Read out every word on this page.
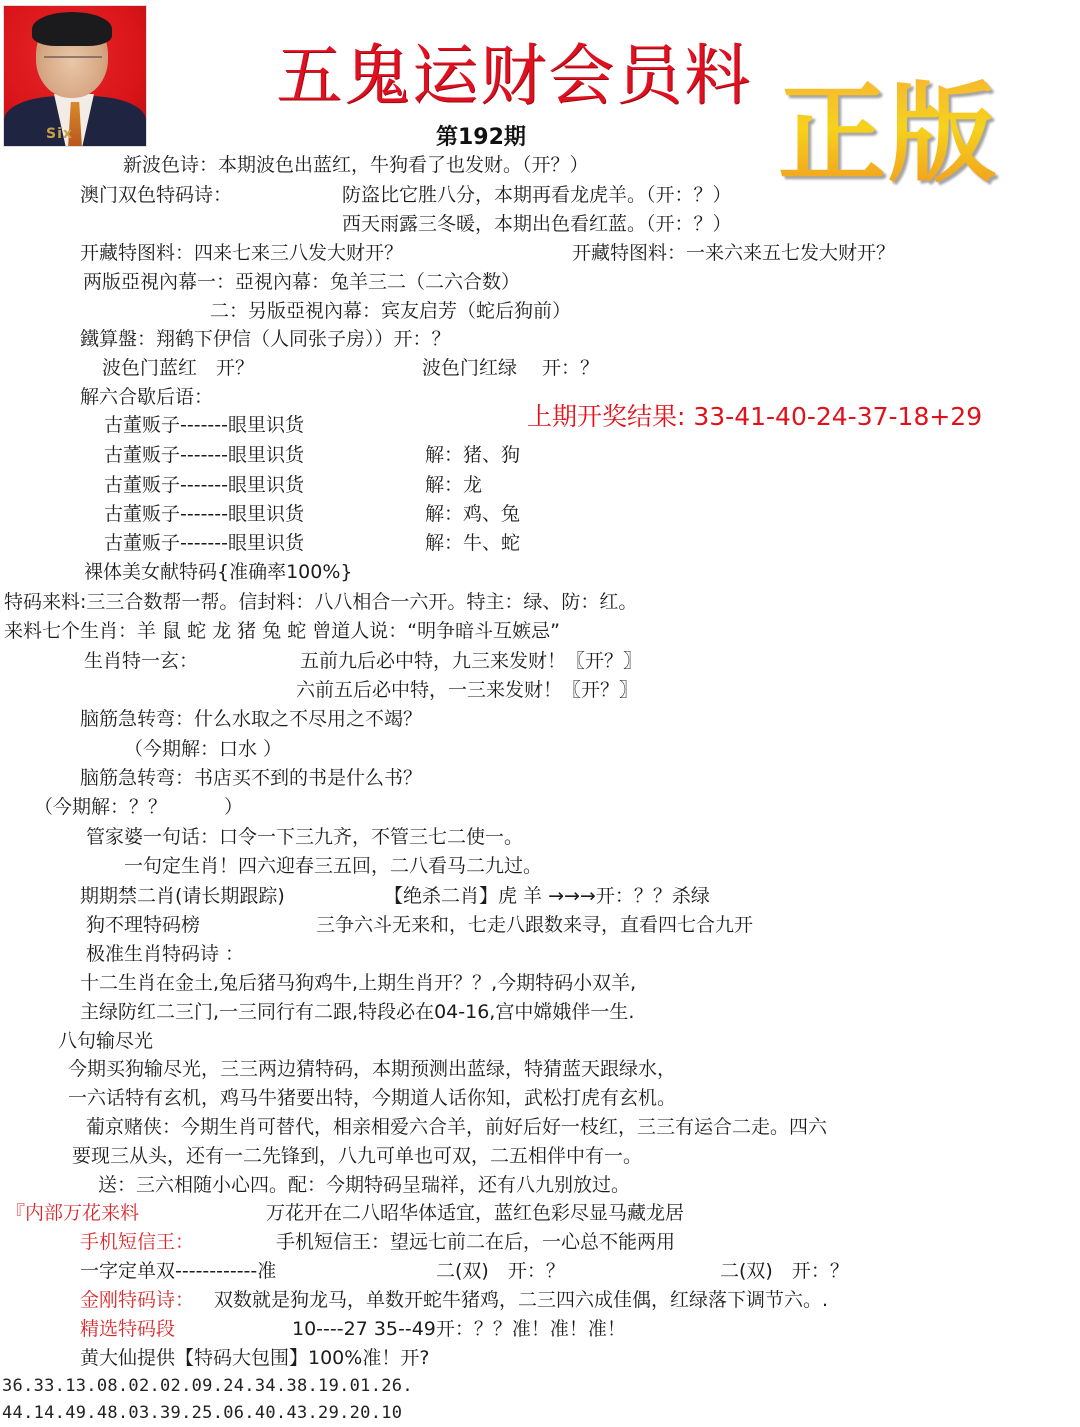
Six
五鬼运财会员料
第192期 正版
新波色诗：本期波色出蓝红，牛狗看了也发财。（开？）
澳门双色特码诗：	防盗比它胜八分，本期再看龙虎羊。（开：？）
西天雨露三冬暖，本期出色看红蓝。（开：？）
开藏特图料：四来七来三八发大财开？	开藏特图料：一来六来五七发大财开？
两版亞視內幕一：亞視內幕：兔羊三二（二六合数）
二：另版亞視內幕：宾友启芳（蛇后狗前）
鐵算盤：翔鹤下伊信（人同张子房））开：？
波色门蓝红　开？	波色门红绿　 开：？
解六合歇后语：
上期开奖结果: 33-41-40-24-37-18+29
古董贩子-------眼里识货
古董贩子-------眼里识货	解：猪、狗
古董贩子-------眼里识货	解：龙
古董贩子-------眼里识货	解：鸡、兔
古董贩子-------眼里识货	解：牛、蛇
裸体美女献特码{准确率100%}
特码来料:三三合数帮一帮。信封料：八八相合一六开。特主：绿、防：红。
来料七个生肖：羊 鼠 蛇 龙 猪 兔 蛇 曾道人说：“明争暗斗互嫉忌”
生肖特一玄：	五前九后必中特，九三来发财！〖开？〗
六前五后必中特，一三来发财！〖开？〗
脑筋急转弯：什么水取之不尽用之不竭？
（今期解：口水 ）
脑筋急转弯：书店买不到的书是什么书？
（今期解：？？　　　）
管家婆一句话：口令一下三九齐，不管三七二使一。
一句定生肖！四六迎春三五回，二八看马二九过。
期期禁二肖(请长期跟踪)	【绝杀二肖】虎 羊 →→→开：？？杀绿
狗不理特码榜	三争六斗无来和，七走八跟数来寻，直看四七合九开
极准生肖特码诗 ：
十二生肖在金土,兔后猪马狗鸡牛,上期生肖开？？,今期特码小双羊,
主绿防红二三门,一三同行有二跟,特段必在04-16,宫中嫦娥伴一生.
八句输尽光
今期买狗输尽光，三三两边猜特码，本期预测出蓝绿，特猜蓝天跟绿水，
一六话特有玄机，鸡马牛猪要出特，今期道人话你知，武松打虎有玄机。
葡京赌侠：今期生肖可替代，相亲相爱六合羊，前好后好一枝红，三三有运合二走。四六
要现三从头，还有一二先锋到，八九可单也可双，二五相伴中有一。
送：三六相随小心四。配：今期特码呈瑞祥，还有八九别放过。
『内部万花来料	万花开在二八昭华体适宜，蓝红色彩尽显马藏龙居
手机短信王：	手机短信王：望远七前二在后，一心总不能两用
一字定单双------------准	二(双)　开：？	二(双)　开：？
金刚特码诗： 双数就是狗龙马，单数开蛇牛猪鸡，二三四六成佳偶，红绿落下调节六。.
精选特码段	10----27 35--49开：？？准！准！准！
黄大仙提供【特码大包围】100%准！开?
36.33.13.08.02.02.09.24.34.38.19.01.26.
44.14.49.48.03.39.25.06.40.43.29.20.10
